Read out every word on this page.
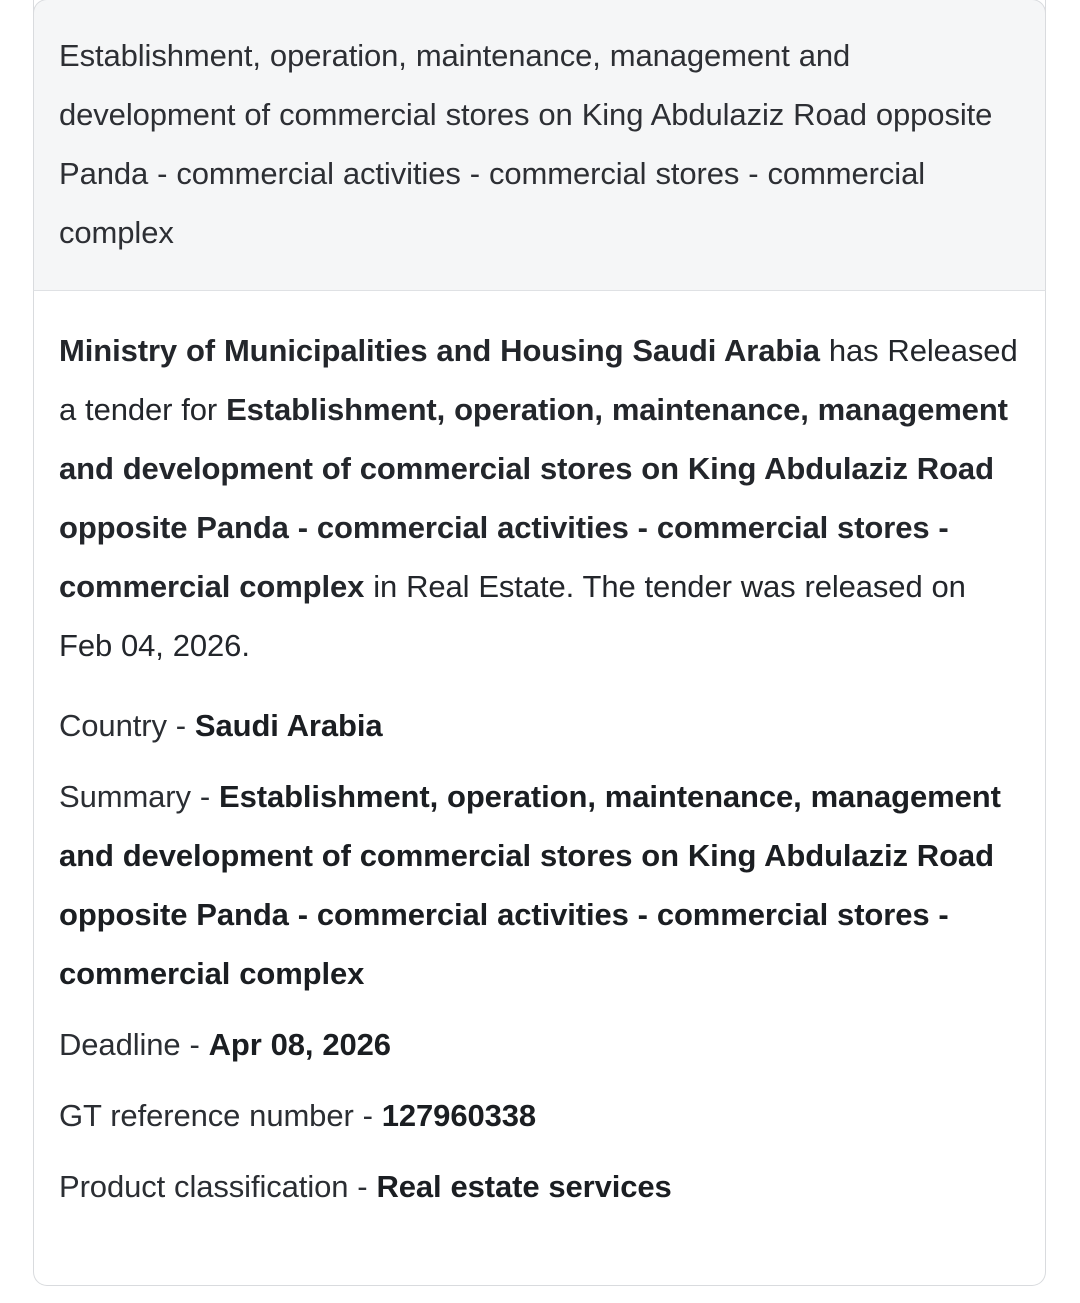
Establishment, operation, maintenance, management and development of commercial stores on King Abdulaziz Road opposite Panda - commercial activities - commercial stores - commercial complex

Ministry of Municipalities and Housing Saudi Arabia has Released a tender for Establishment, operation, maintenance, management and development of commercial stores on King Abdulaziz Road opposite Panda - commercial activities - commercial stores - commercial complex in Real Estate. The tender was released on Feb 04, 2026.

Country - Saudi Arabia
Summary - Establishment, operation, maintenance, management and development of commercial stores on King Abdulaziz Road opposite Panda - commercial activities - commercial stores - commercial complex
Deadline - Apr 08, 2026
GT reference number - 127960338
Product classification - Real estate services
